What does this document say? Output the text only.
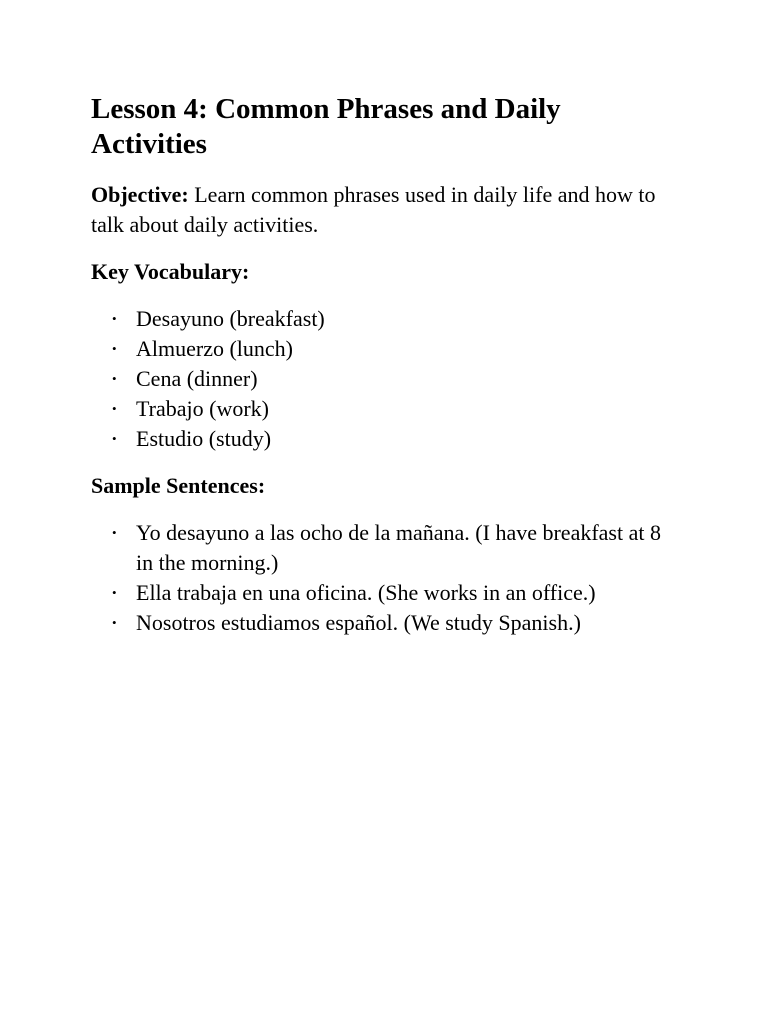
Lesson 4: Common Phrases and Daily Activities

Objective: Learn common phrases used in daily life and how to talk about daily activities.

Key Vocabulary:
• Desayuno (breakfast)
• Almuerzo (lunch)
• Cena (dinner)
• Trabajo (work)
• Estudio (study)
Sample Sentences:
• Yo desayuno a las ocho de la mañana. (I have breakfast at 8 in the morning.)
• Ella trabaja en una oficina. (She works in an office.)
• Nosotros estudiamos español. (We study Spanish.)
